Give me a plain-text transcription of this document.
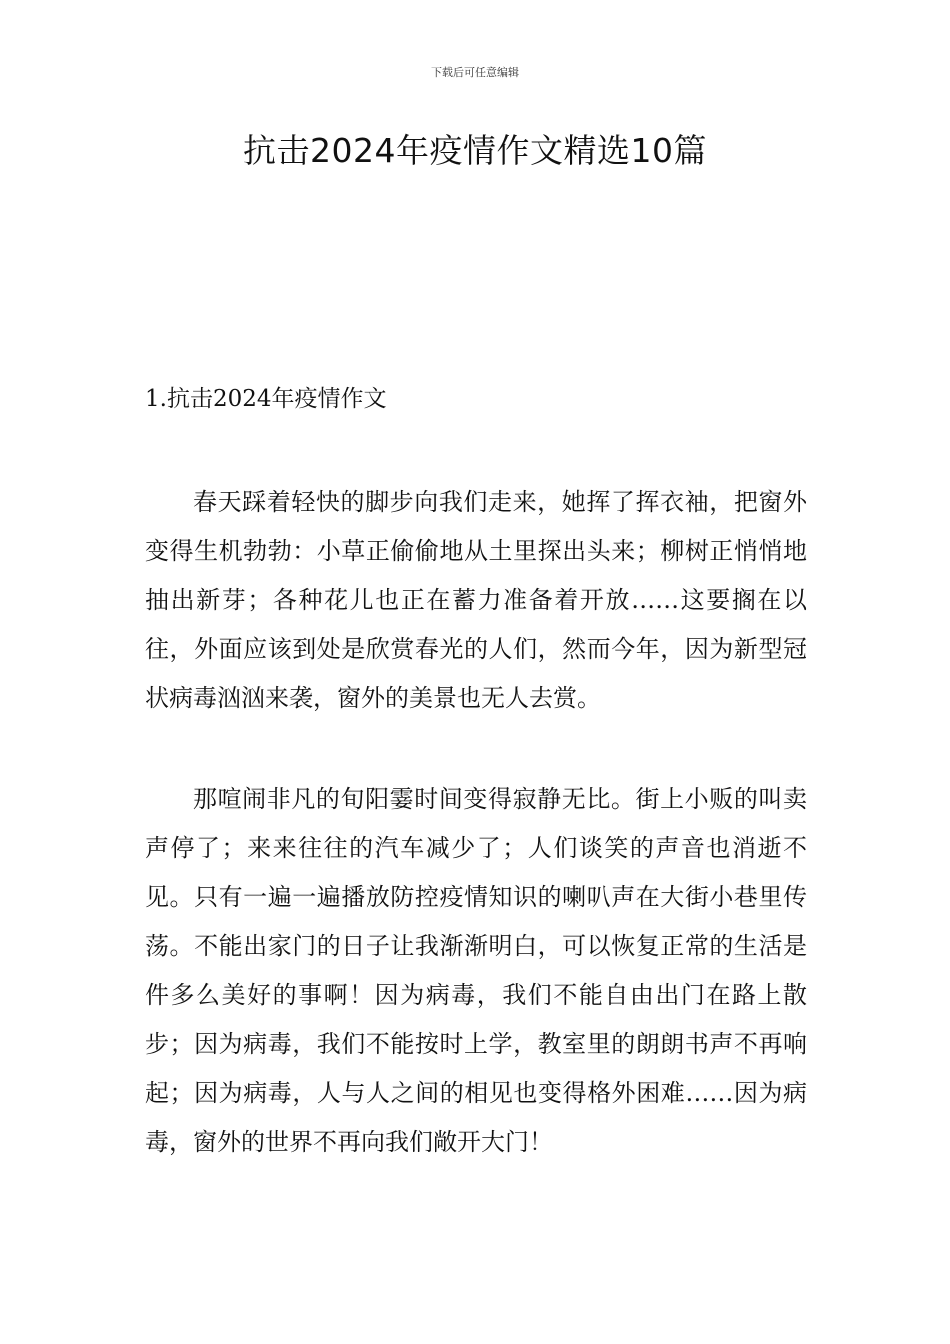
下载后可任意编辑
抗击2024年疫情作文精选10篇
1.抗击2024年疫情作文

春天踩着轻快的脚步向我们走来，她挥了挥衣袖，把窗外变得生机勃勃：小草正偷偷地从土里探出头来；柳树正悄悄地抽出新芽；各种花儿也正在蓄力准备着开放……这要搁在以往，外面应该到处是欣赏春光的人们，然而今年，因为新型冠状病毒汹汹来袭，窗外的美景也无人去赏。

那喧闹非凡的旬阳霎时间变得寂静无比。街上小贩的叫卖声停了；来来往往的汽车减少了；人们谈笑的声音也消逝不见。只有一遍一遍播放防控疫情知识的喇叭声在大街小巷里传荡。不能出家门的日子让我渐渐明白，可以恢复正常的生活是件多么美好的事啊！因为病毒，我们不能自由出门在路上散步；因为病毒，我们不能按时上学，教室里的朗朗书声不再响起；因为病毒，人与人之间的相见也变得格外困难……因为病毒，窗外的世界不再向我们敞开大门！
